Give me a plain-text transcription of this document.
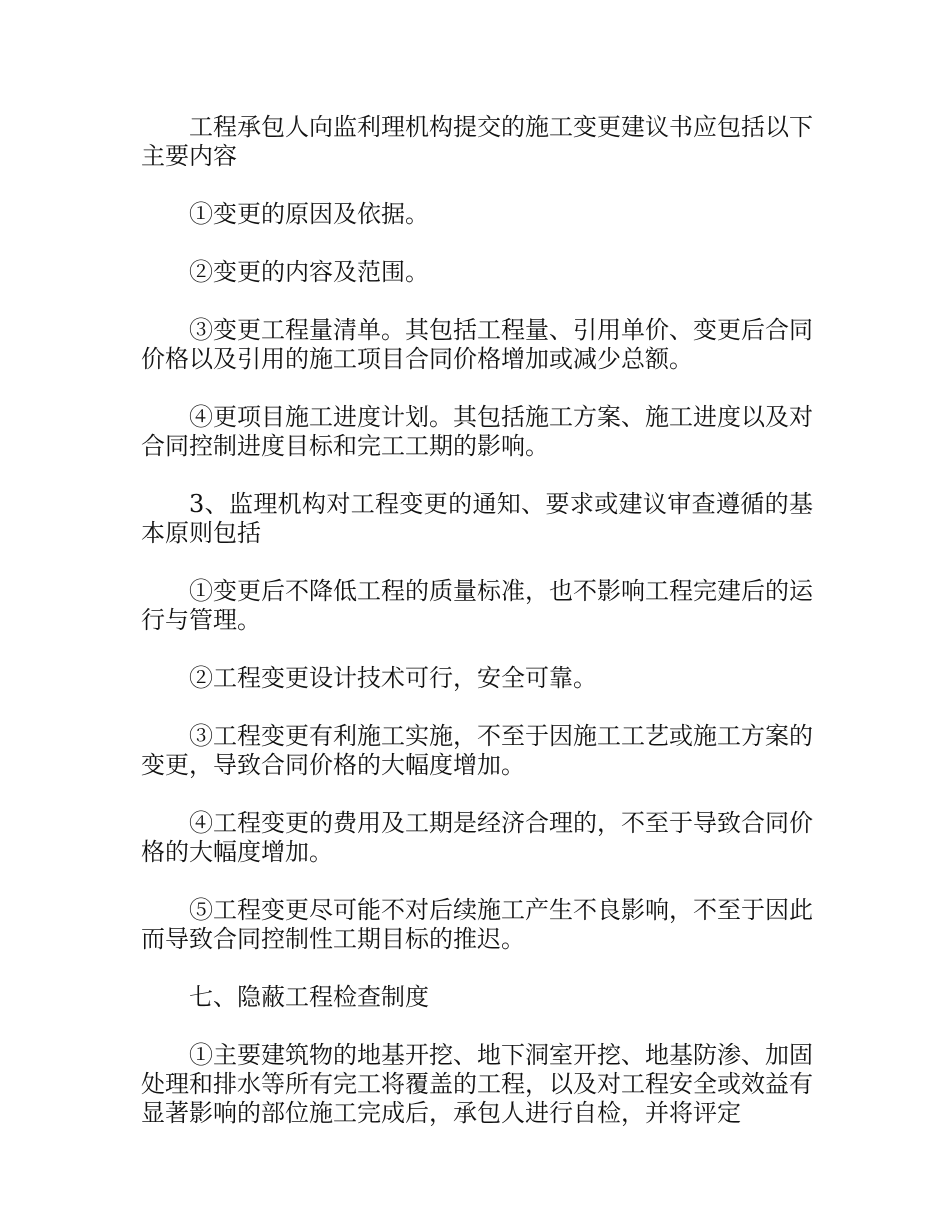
工程承包人向监利理机构提交的施工变更建议书应包括以下主要内容

①变更的原因及依据。

②变更的内容及范围。

③变更工程量清单。其包括工程量、引用单价、变更后合同价格以及引用的施工项目合同价格增加或减少总额。

④更项目施工进度计划。其包括施工方案、施工进度以及对合同控制进度目标和完工工期的影响。

3、监理机构对工程变更的通知、要求或建议审查遵循的基本原则包括

①变更后不降低工程的质量标准，也不影响工程完建后的运行与管理。

②工程变更设计技术可行，安全可靠。

③工程变更有利施工实施，不至于因施工工艺或施工方案的变更，导致合同价格的大幅度增加。

④工程变更的费用及工期是经济合理的，不至于导致合同价格的大幅度增加。

⑤工程变更尽可能不对后续施工产生不良影响，不至于因此而导致合同控制性工期目标的推迟。

七、隐蔽工程检查制度

①主要建筑物的地基开挖、地下洞室开挖、地基防渗、加固处理和排水等所有完工将覆盖的工程，以及对工程安全或效益有显著影响的部位施工完成后，承包人进行自检，并将评定
